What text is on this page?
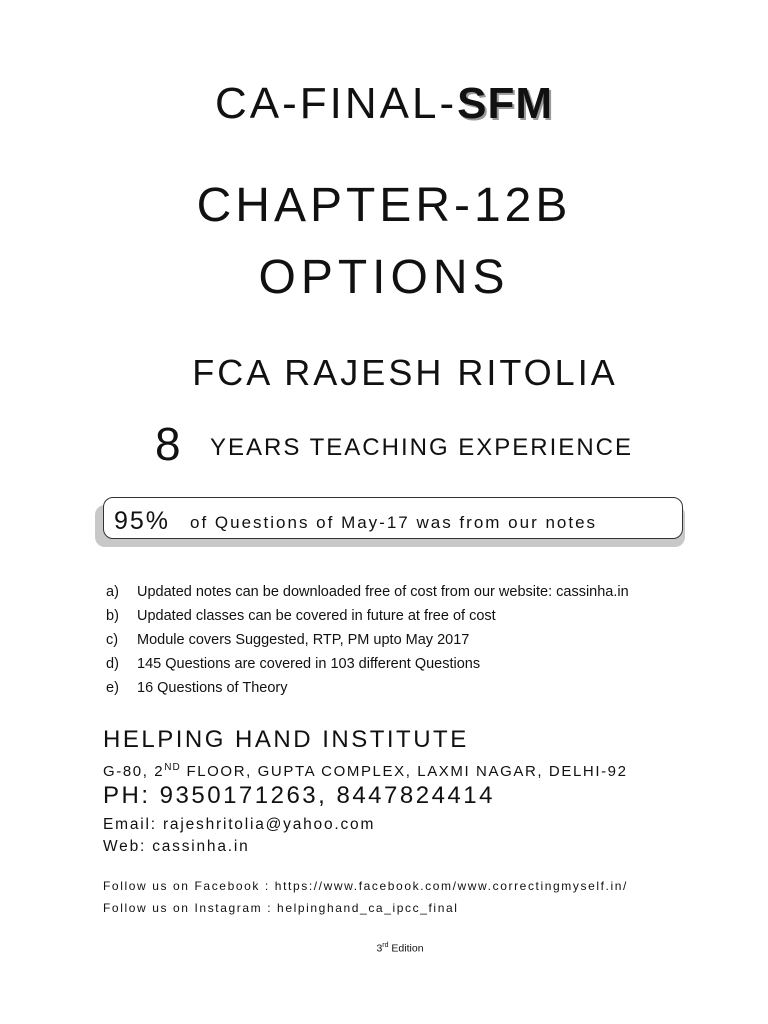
CA-FINAL-SFM
CHAPTER-12B
OPTIONS
FCA RAJESH RITOLIA
8 YEARS TEACHING EXPERIENCE
95% of Questions of May-17 was from our notes
a) Updated notes can be downloaded free of cost from our website: cassinha.in
b) Updated classes can be covered in future at free of cost
c) Module covers Suggested, RTP, PM upto May 2017
d) 145 Questions are covered in 103 different Questions
e) 16 Questions of Theory
HELPING HAND INSTITUTE
G-80, 2ND FLOOR, GUPTA COMPLEX, LAXMI NAGAR, DELHI-92
PH: 9350171263, 8447824414
Email: rajeshritolia@yahoo.com
Web: cassinha.in
Follow us on Facebook : https://www.facebook.com/www.correctingmyself.in/
Follow us on Instagram : helpinghand_ca_ipcc_final
3rd Edition
